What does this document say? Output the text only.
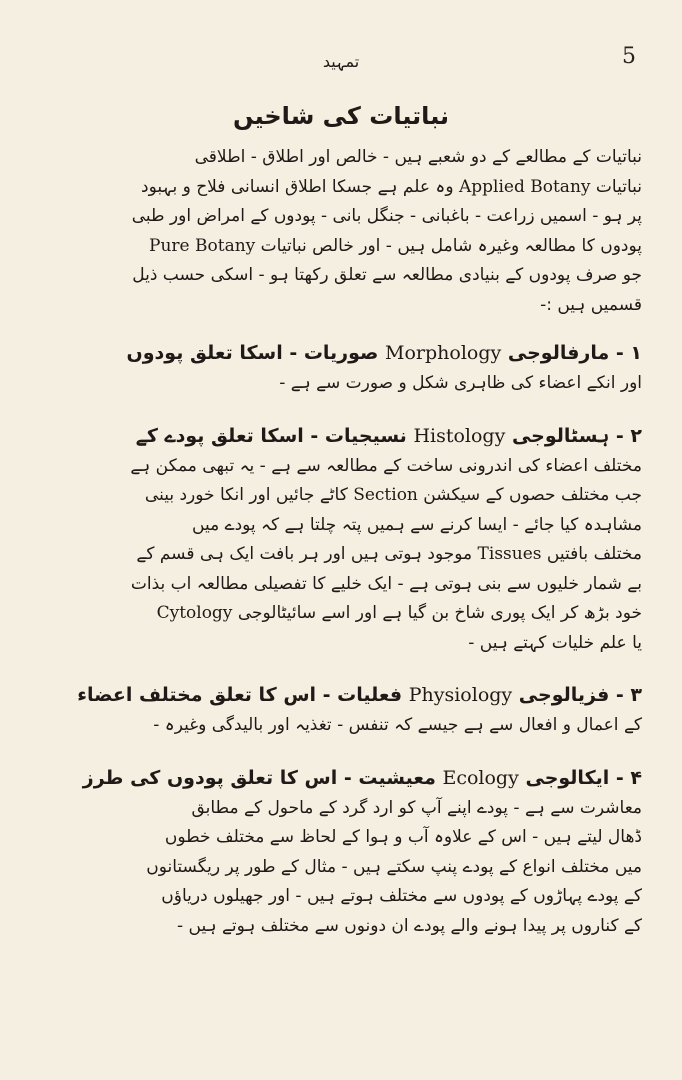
5
تمہید
نباتیات کی شاخیں
نباتیات کے مطالعے کے دو شعبے ہیں - خالص اور اطلاق - اطلاقی
نباتیات Applied Botany وہ علم ہے جسکا اطلاق انسانی فلاح و بہبود
پر ہو - اسمیں زراعت - باغبانی - جنگل بانی - پودوں کے امراض اور طبی
پودوں کا مطالعہ وغیرہ شامل ہیں - اور خالص نباتیات Pure Botany
جو صرف پودوں کے بنیادی مطالعہ سے تعلق رکھتا ہو - اسکی حسب ذیل
قسمیں ہیں :-
۱ - مارفالوجی Morphology صوریات - اسکا تعلق پودوں
اور انکے اعضاء کی ظاہری شکل و صورت سے ہے -
۲ - ہسٹالوجی Histology نسیجیات - اسکا تعلق پودے کے
مختلف اعضاء کی اندرونی ساخت کے مطالعہ سے ہے - یہ تبھی ممکن ہے
جب مختلف حصوں کے سیکشن Section کاٹے جائیں اور انکا خورد بینی
مشاہدہ کیا جائے - ایسا کرنے سے ہمیں پتہ چلتا ہے کہ پودے میں
مختلف بافتیں Tissues موجود ہوتی ہیں اور ہر بافت ایک ہی قسم کے
بے شمار خلیوں سے بنی ہوتی ہے - ایک خلیے کا تفصیلی مطالعہ اب بذات
خود بڑھ کر ایک پوری شاخ بن گیا ہے اور اسے سائیٹالوجی Cytology
یا علم خلیات کہتے ہیں -
۳ - فزیالوجی Physiology فعلیات - اس کا تعلق مختلف اعضاء
کے اعمال و افعال سے ہے جیسے کہ تنفس - تغذیہ اور بالیدگی وغیرہ -
۴ - ایکالوجی Ecology معیشیت - اس کا تعلق پودوں کی طرز
معاشرت سے ہے - پودے اپنے آپ کو ارد گرد کے ماحول کے مطابق
ڈھال لیتے ہیں - اس کے علاوہ آب و ہوا کے لحاظ سے مختلف خطوں
میں مختلف انواع کے پودے پنپ سکتے ہیں - مثال کے طور پر ریگستانوں
کے پودے پہاڑوں کے پودوں سے مختلف ہوتے ہیں - اور جھیلوں دریاؤں
کے کناروں پر پیدا ہونے والے پودے ان دونوں سے مختلف ہوتے ہیں -
